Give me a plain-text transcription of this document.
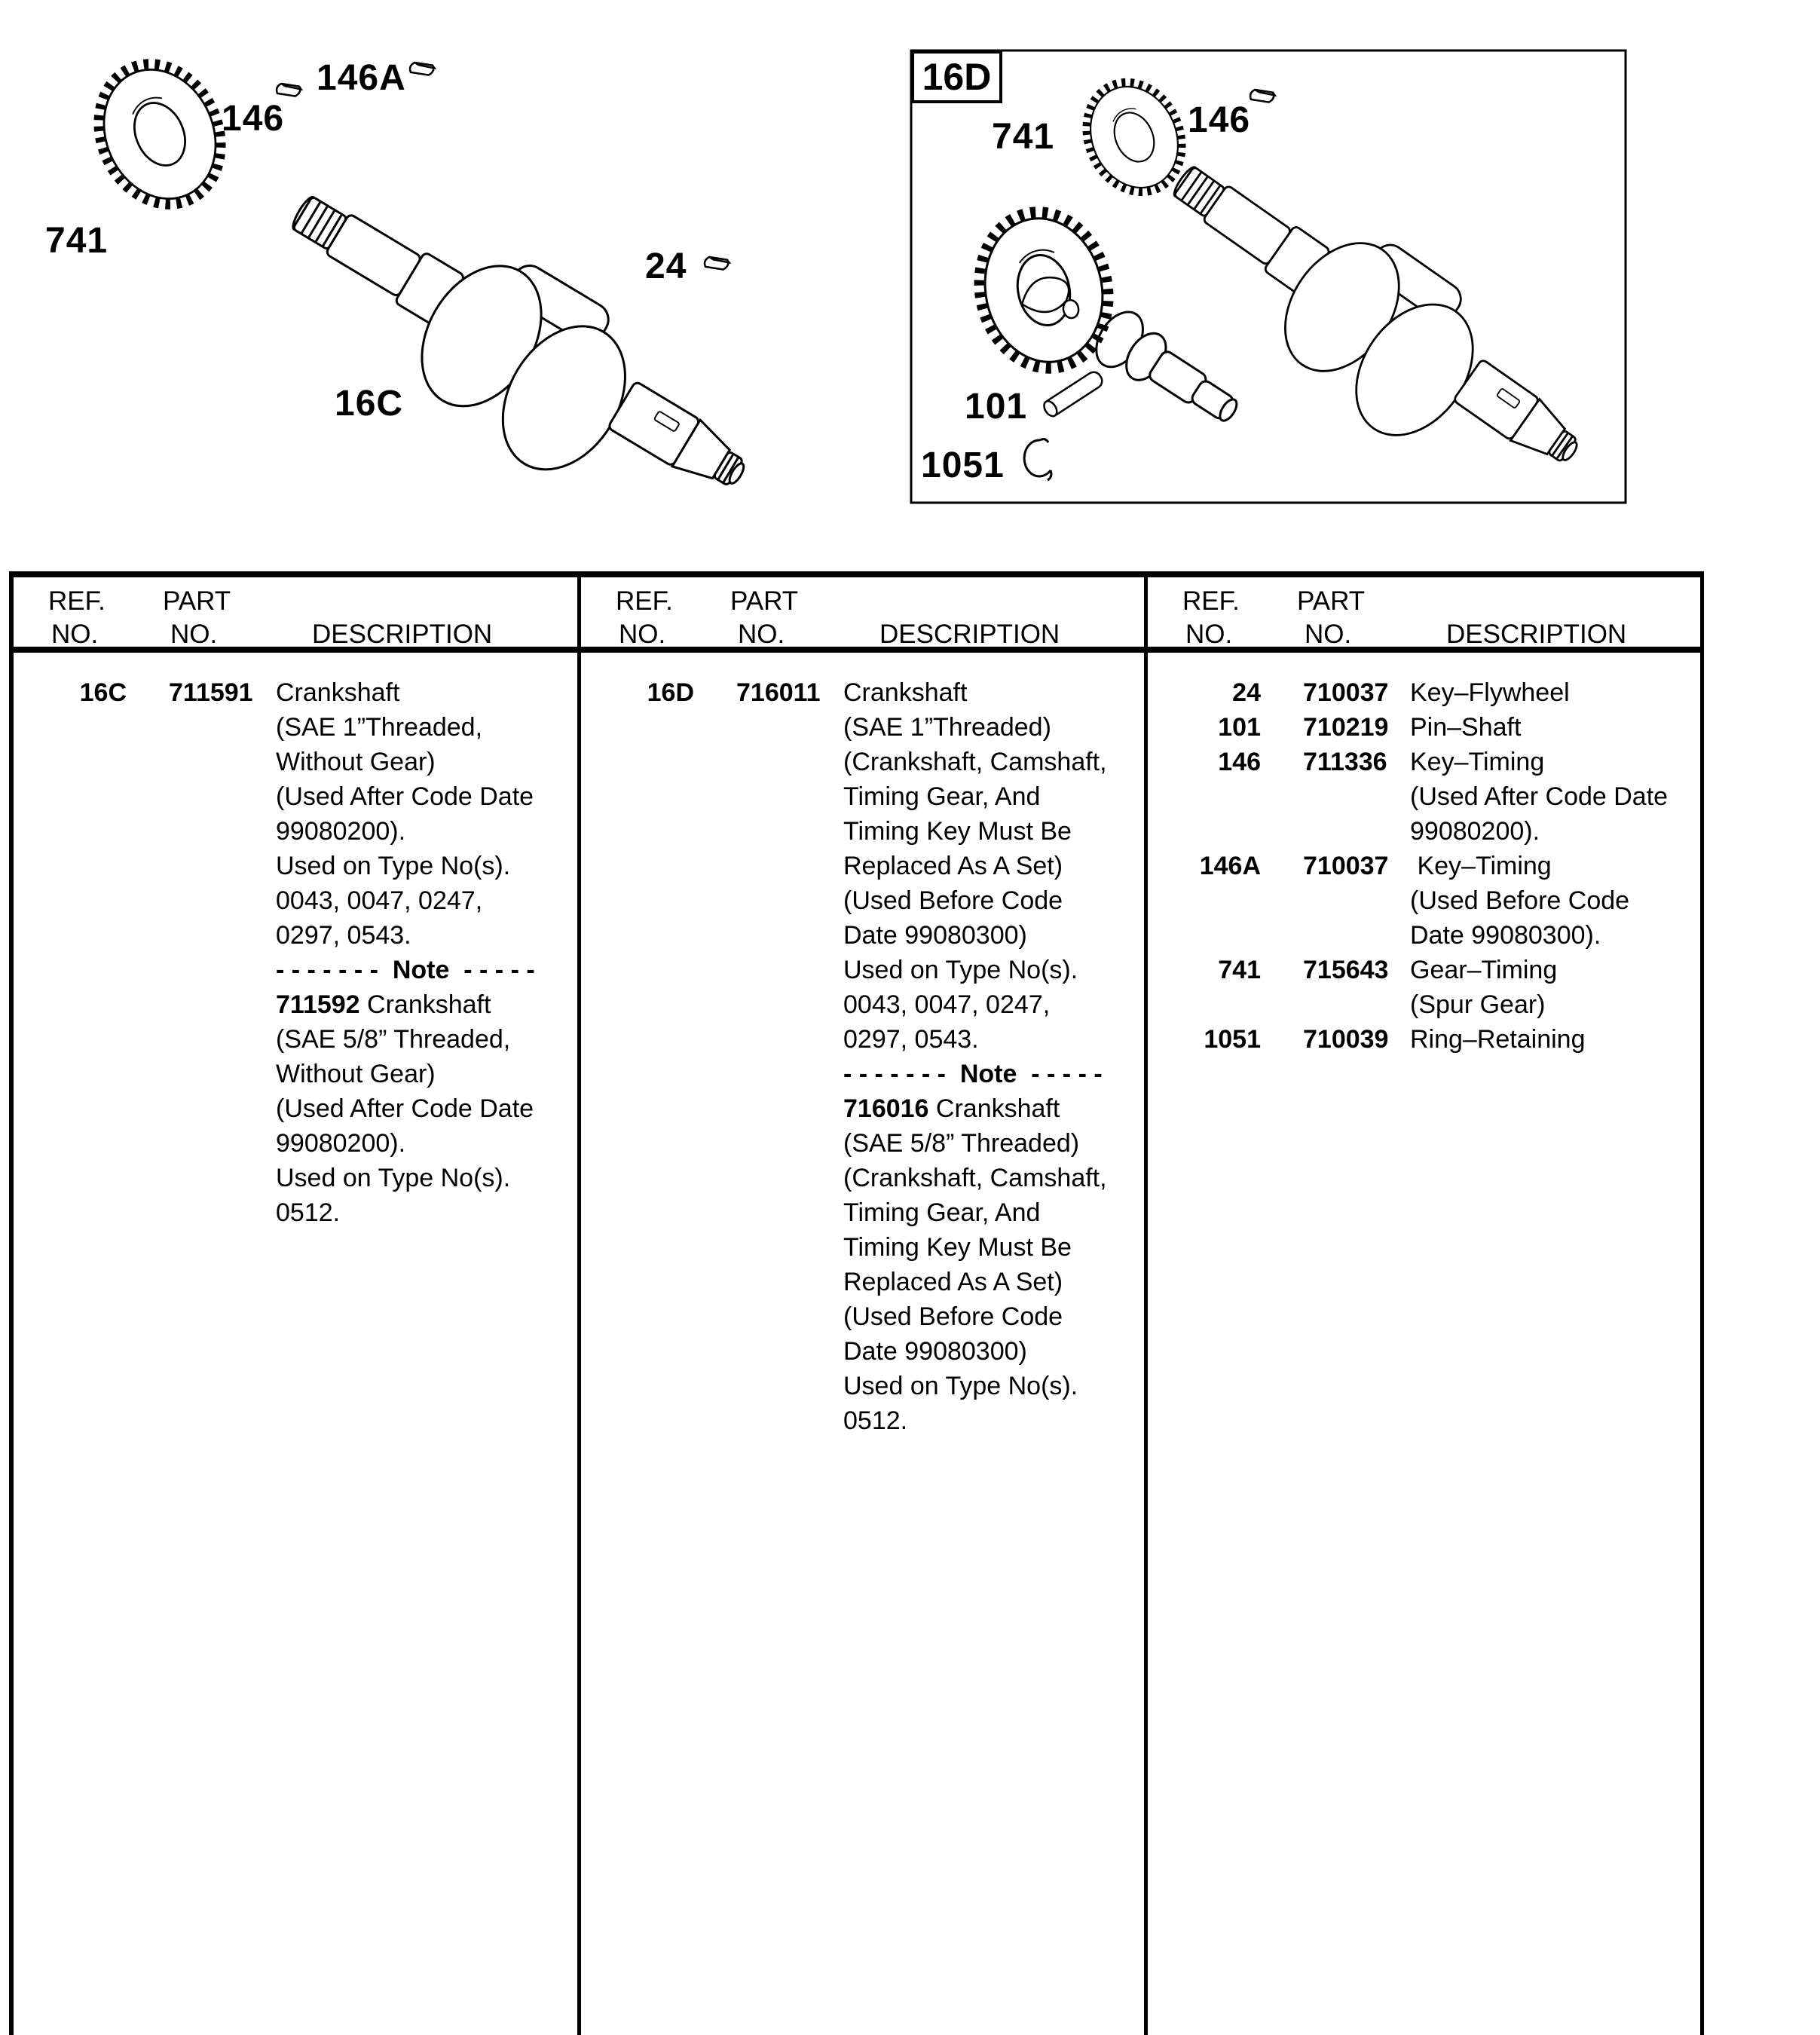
741
146
146A
24
16C
16D
741	146
101
1051
REF.
NO.
PART
NO.	DESCRIPTION
16C 711591 Crankshaft
(SAE 1”Threaded,
Without Gear)
(Used After Code Date
99080200).
Used on Type No(s).
0043, 0047, 0247,
0297, 0543.
- - - - - - -  Note  - - - - -
711592 Crankshaft
(SAE 5/8” Threaded,
Without Gear)
(Used After Code Date
99080200).
Used on Type No(s).
0512.
REF.
NO.
PART
NO.	DESCRIPTION
16D 716011 Crankshaft
(SAE 1”Threaded)
(Crankshaft, Camshaft,
Timing Gear, And
Timing Key Must Be
Replaced As A Set)
(Used Before Code
Date 99080300)
Used on Type No(s).
0043, 0047, 0247,
0297, 0543.
- - - - - - -  Note  - - - - -
716016 Crankshaft
(SAE 5/8” Threaded)
(Crankshaft, Camshaft,
Timing Gear, And
Timing Key Must Be
Replaced As A Set)
(Used Before Code
Date 99080300)
Used on Type No(s).
0512.
REF.
NO.
PART
NO.	DESCRIPTION
24 710037 Key–Flywheel
101 710219 Pin–Shaft
146 711336 Key–Timing
(Used After Code Date
99080200).
146A 710037 Key–Timing
(Used Before Code
Date 99080300).
741 715643 Gear–Timing
(Spur Gear)
1051 710039 Ring–Retaining
